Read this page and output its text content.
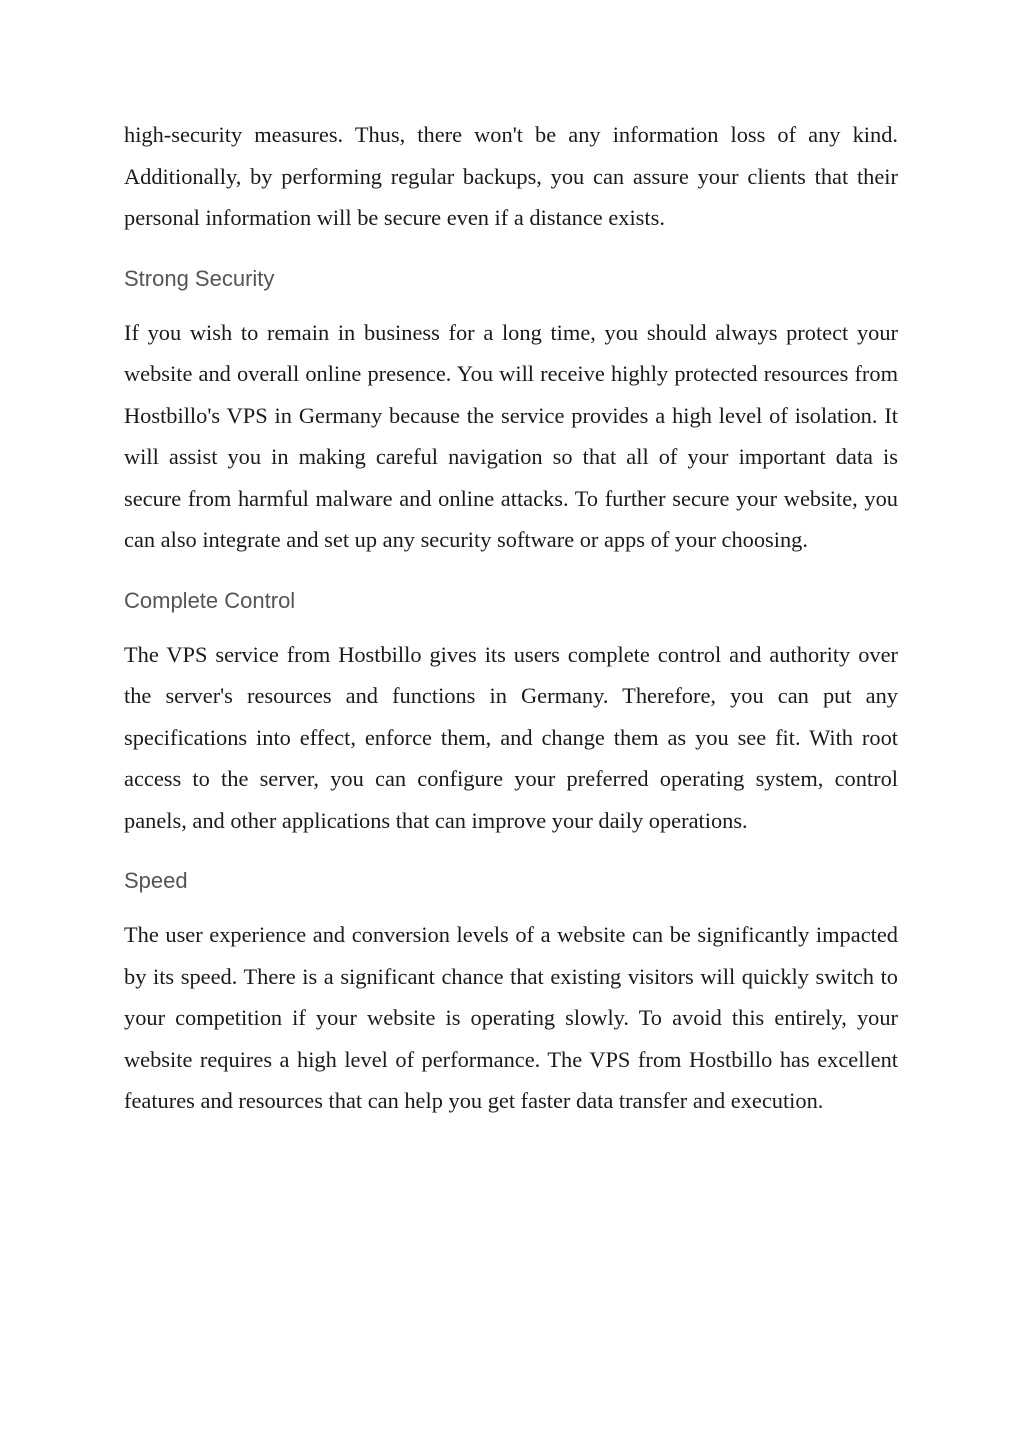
high-security measures. Thus, there won't be any information loss of any kind. Additionally, by performing regular backups, you can assure your clients that their personal information will be secure even if a distance exists.

Strong Security

If you wish to remain in business for a long time, you should always protect your website and overall online presence. You will receive highly protected resources from Hostbillo's VPS in Germany because the service provides a high level of isolation. It will assist you in making careful navigation so that all of your important data is secure from harmful malware and online attacks. To further secure your website, you can also integrate and set up any security software or apps of your choosing.

Complete Control

The VPS service from Hostbillo gives its users complete control and authority over the server's resources and functions in Germany. Therefore, you can put any specifications into effect, enforce them, and change them as you see fit. With root access to the server, you can configure your preferred operating system, control panels, and other applications that can improve your daily operations.

Speed

The user experience and conversion levels of a website can be significantly impacted by its speed. There is a significant chance that existing visitors will quickly switch to your competition if your website is operating slowly. To avoid this entirely, your website requires a high level of performance. The VPS from Hostbillo has excellent features and resources that can help you get faster data transfer and execution.
